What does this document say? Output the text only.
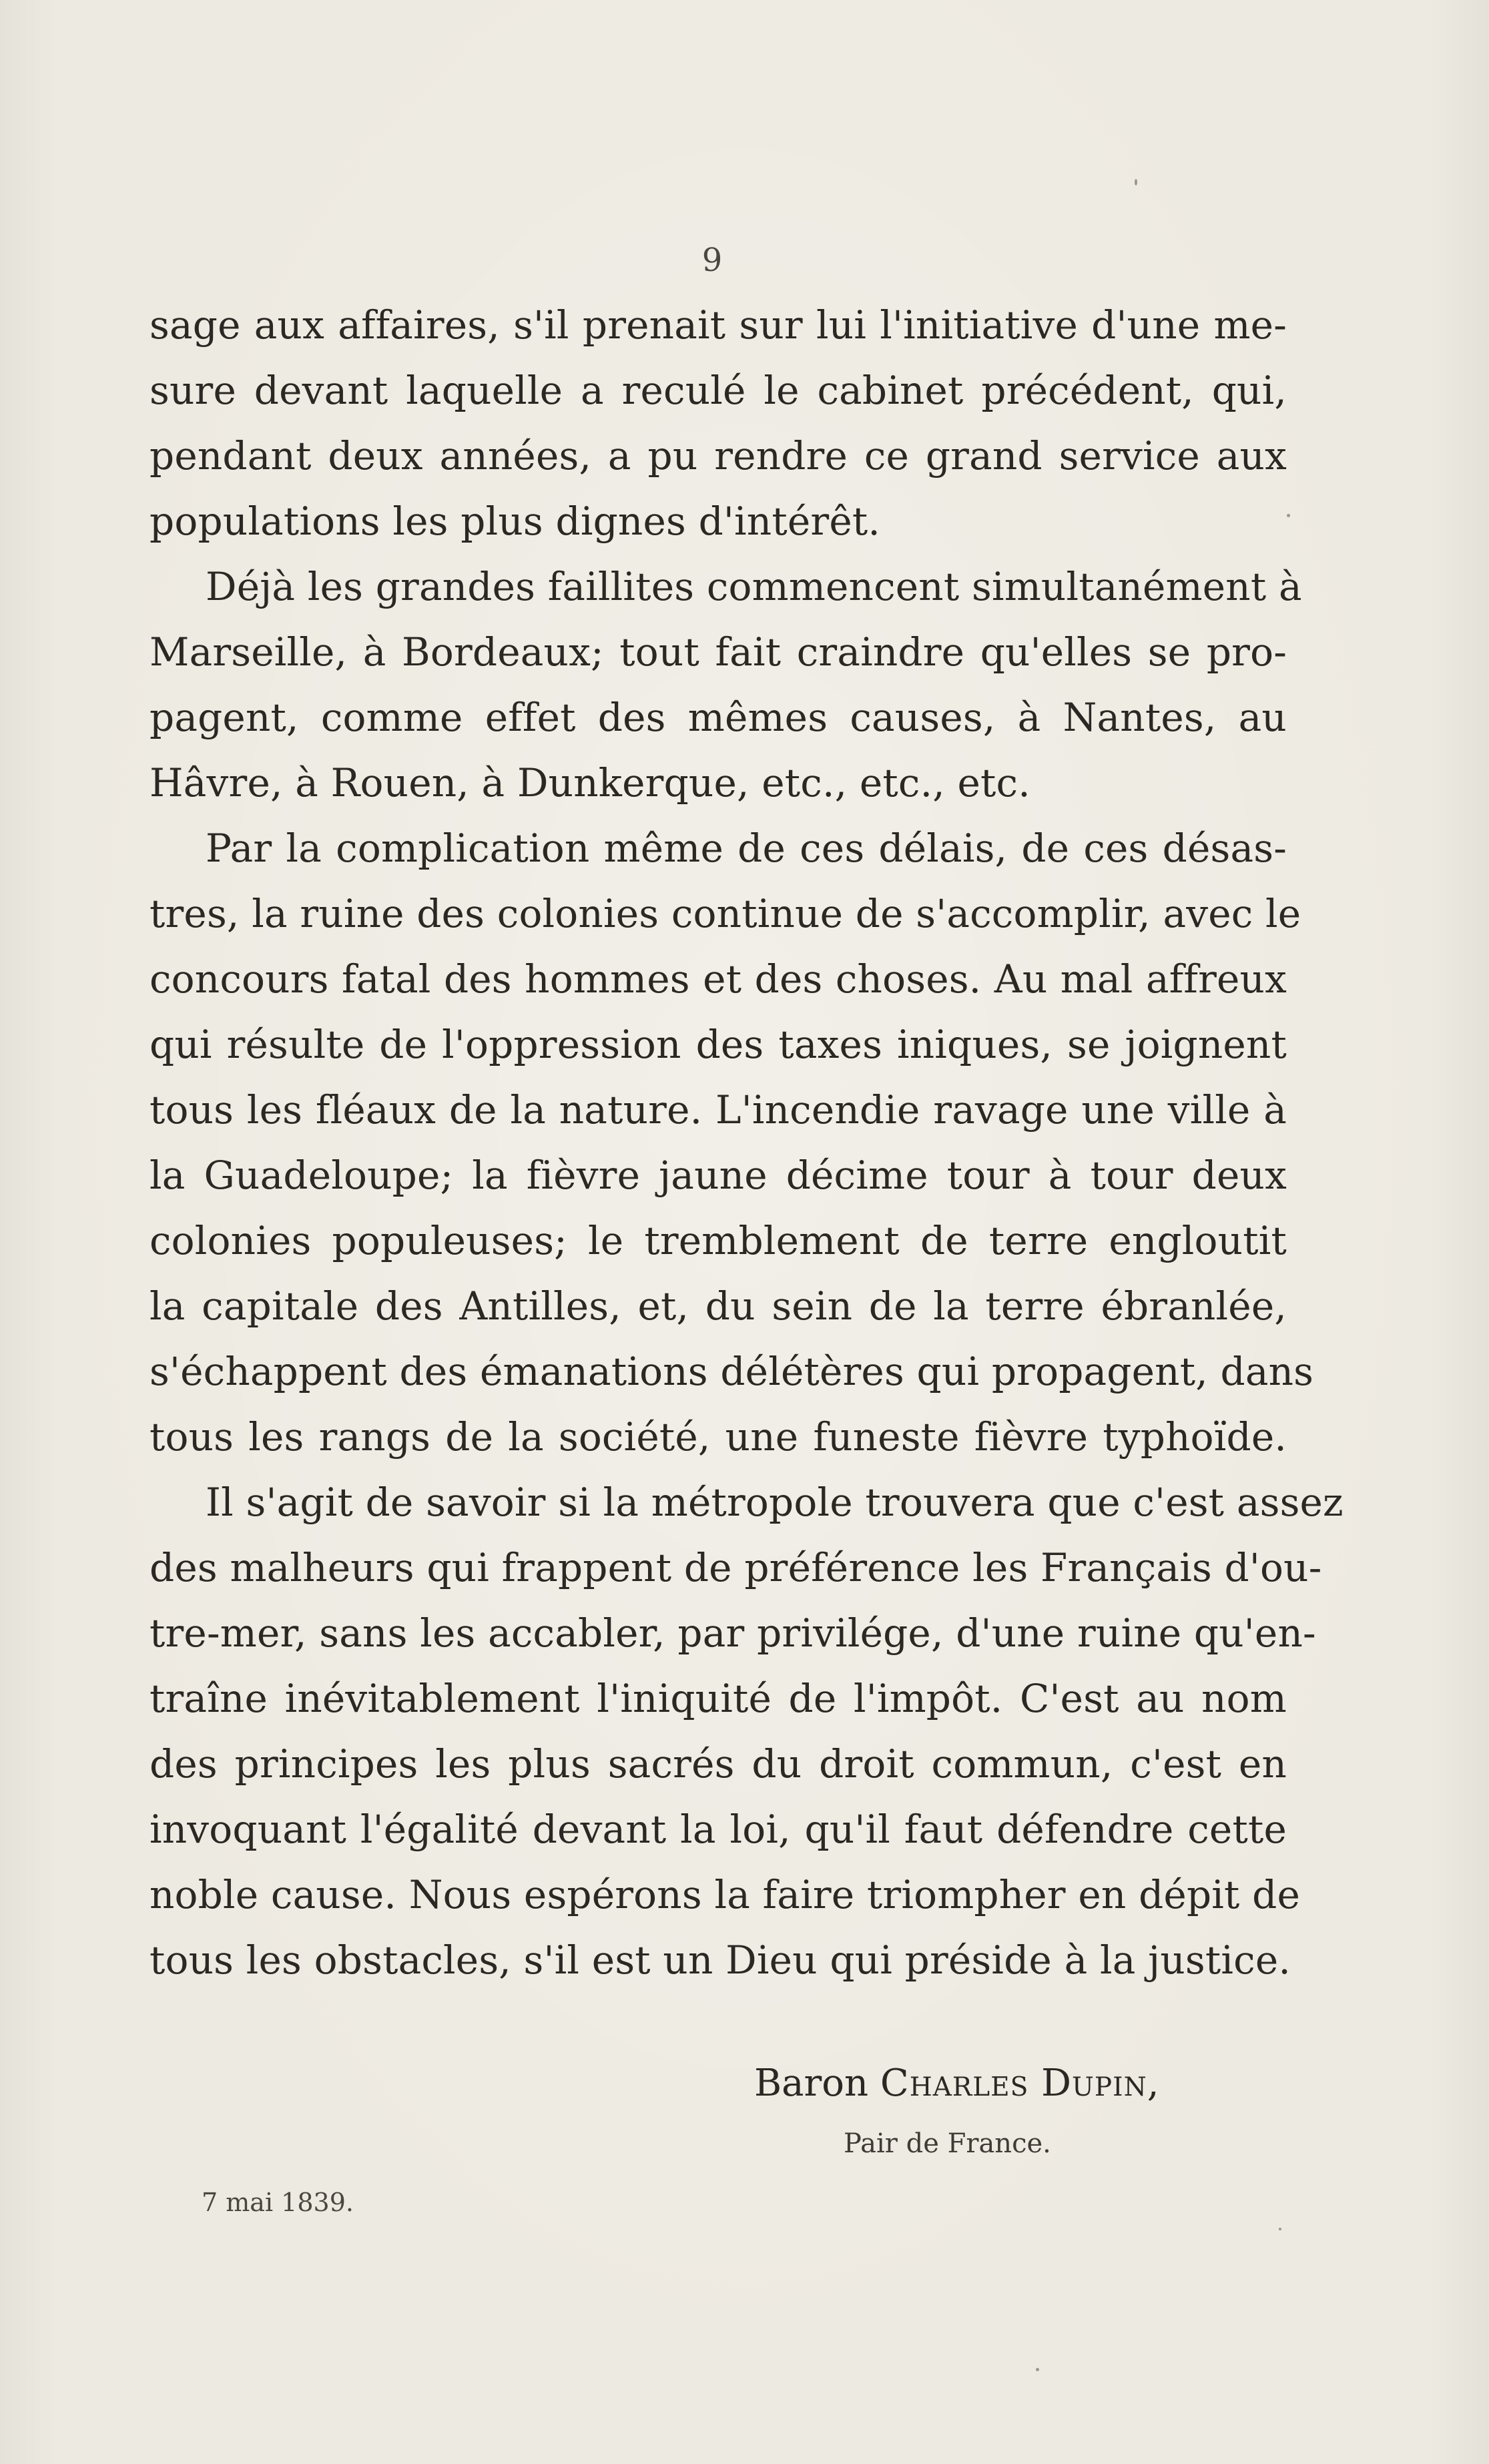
9
sage aux affaires, s'il prenait sur lui l'initiative d'une me-
sure devant laquelle a reculé le cabinet précédent, qui,
pendant deux années, a pu rendre ce grand service aux
populations les plus dignes d'intérêt.
Déjà les grandes faillites commencent simultanément à
Marseille, à Bordeaux; tout fait craindre qu'elles se pro-
pagent, comme effet des mêmes causes, à Nantes, au
Hâvre, à Rouen, à Dunkerque, etc., etc., etc.
Par la complication même de ces délais, de ces désas-
tres, la ruine des colonies continue de s'accomplir, avec le
concours fatal des hommes et des choses. Au mal affreux
qui résulte de l'oppression des taxes iniques, se joignent
tous les fléaux de la nature. L'incendie ravage une ville à
la Guadeloupe; la fièvre jaune décime tour à tour deux
colonies populeuses; le tremblement de terre engloutit
la capitale des Antilles, et, du sein de la terre ébranlée,
s'échappent des émanations délétères qui propagent, dans
tous les rangs de la société, une funeste fièvre typhoïde.
Il s'agit de savoir si la métropole trouvera que c'est assez
des malheurs qui frappent de préférence les Français d'ou-
tre-mer, sans les accabler, par privilége, d'une ruine qu'en-
traîne inévitablement l'iniquité de l'impôt. C'est au nom
des principes les plus sacrés du droit commun, c'est en
invoquant l'égalité devant la loi, qu'il faut défendre cette
noble cause. Nous espérons la faire triompher en dépit de
tous les obstacles, s'il est un Dieu qui préside à la justice.
Baron Charles Dupin,
Pair de France.
7 mai 1839.
